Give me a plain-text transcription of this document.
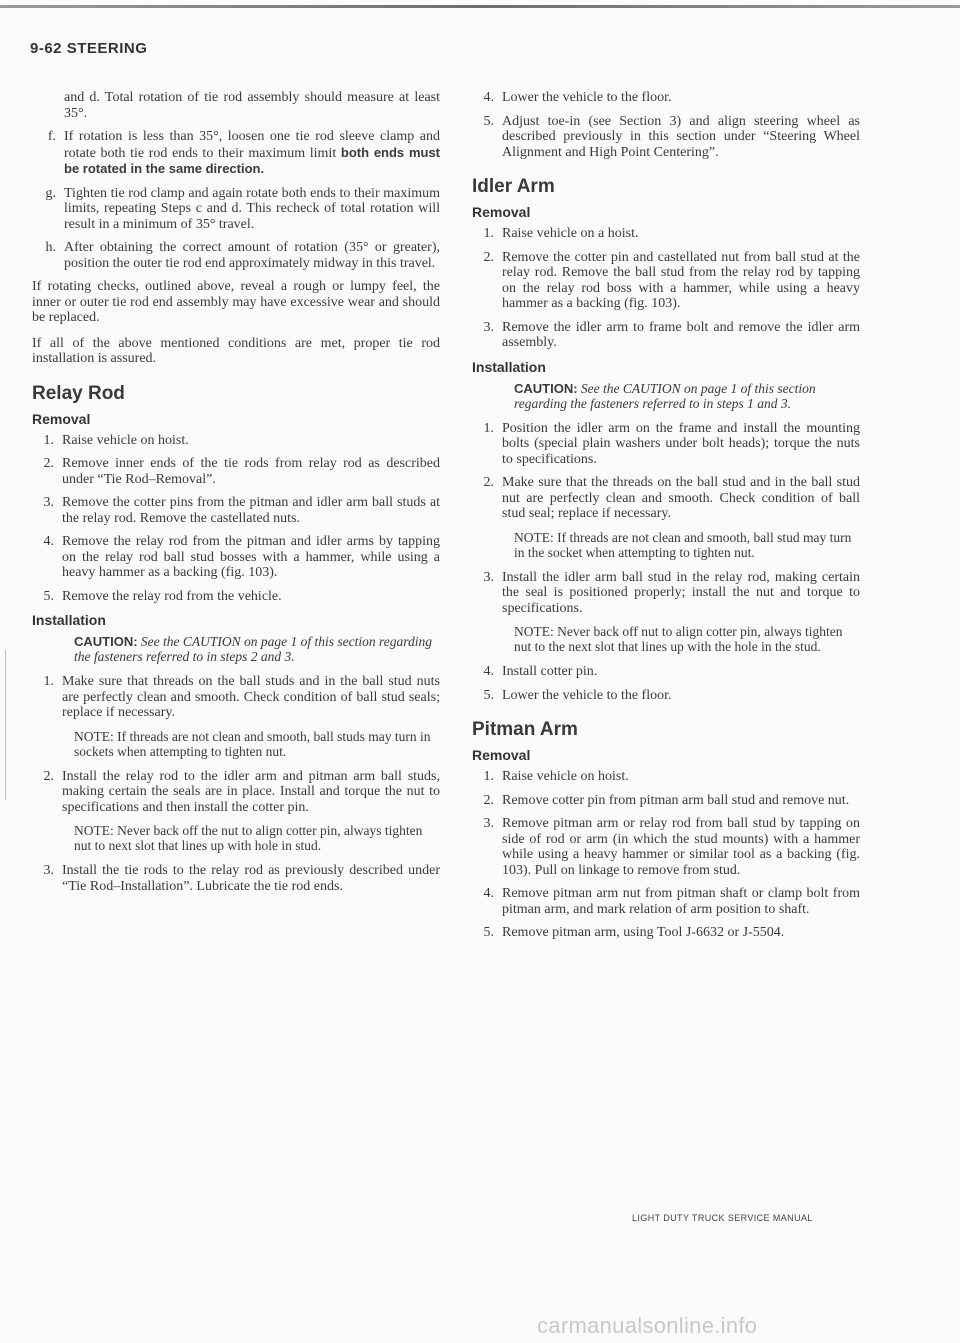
9-62 STEERING
and d. Total rotation of tie rod assembly should measure at least 35°.
f. If rotation is less than 35°, loosen one tie rod sleeve clamp and rotate both tie rod ends to their maximum limit both ends must be rotated in the same direction.
g. Tighten tie rod clamp and again rotate both ends to their maximum limits, repeating Steps c and d. This recheck of total rotation will result in a minimum of 35° travel.
h. After obtaining the correct amount of rotation (35° or greater), position the outer tie rod end approximately midway in this travel.

If rotating checks, outlined above, reveal a rough or lumpy feel, the inner or outer tie rod end assembly may have excessive wear and should be replaced.

If all of the above mentioned conditions are met, proper tie rod installation is assured.

Relay Rod
Removal
1. Raise vehicle on hoist.
2. Remove inner ends of the tie rods from relay rod as described under “Tie Rod–Removal”.
3. Remove the cotter pins from the pitman and idler arm ball studs at the relay rod. Remove the castellated nuts.
4. Remove the relay rod from the pitman and idler arms by tapping on the relay rod ball stud bosses with a hammer, while using a heavy hammer as a backing (fig. 103).
5. Remove the relay rod from the vehicle.
Installation
CAUTION: See the CAUTION on page 1 of this section regarding the fasteners referred to in steps 2 and 3.
1. Make sure that threads on the ball studs and in the ball stud nuts are perfectly clean and smooth. Check condition of ball stud seals; replace if necessary.
NOTE: If threads are not clean and smooth, ball studs may turn in sockets when attempting to tighten nut.
2. Install the relay rod to the idler arm and pitman arm ball studs, making certain the seals are in place. Install and torque the nut to specifications and then install the cotter pin.
NOTE: Never back off the nut to align cotter pin, always tighten nut to next slot that lines up with hole in stud.
3. Install the tie rods to the relay rod as previously described under “Tie Rod–Installation”. Lubricate the tie rod ends.
4. Lower the vehicle to the floor.
5. Adjust toe-in (see Section 3) and align steering wheel as described previously in this section under “Steering Wheel Alignment and High Point Centering”.
Idler Arm
Removal
1. Raise vehicle on a hoist.
2. Remove the cotter pin and castellated nut from ball stud at the relay rod. Remove the ball stud from the relay rod by tapping on the relay rod boss with a hammer, while using a heavy hammer as a backing (fig. 103).
3. Remove the idler arm to frame bolt and remove the idler arm assembly.
Installation
CAUTION: See the CAUTION on page 1 of this section regarding the fasteners referred to in steps 1 and 3.
1. Position the idler arm on the frame and install the mounting bolts (special plain washers under bolt heads); torque the nuts to specifications.
2. Make sure that the threads on the ball stud and in the ball stud nut are perfectly clean and smooth. Check condition of ball stud seal; replace if necessary.
NOTE: If threads are not clean and smooth, ball stud may turn in the socket when attempting to tighten nut.
3. Install the idler arm ball stud in the relay rod, making certain the seal is positioned properly; install the nut and torque to specifications.
NOTE: Never back off nut to align cotter pin, always tighten nut to the next slot that lines up with the hole in the stud.
4. Install cotter pin.
5. Lower the vehicle to the floor.
Pitman Arm
Removal
1. Raise vehicle on hoist.
2. Remove cotter pin from pitman arm ball stud and remove nut.
3. Remove pitman arm or relay rod from ball stud by tapping on side of rod or arm (in which the stud mounts) with a hammer while using a heavy hammer or similar tool as a backing (fig. 103). Pull on linkage to remove from stud.
4. Remove pitman arm nut from pitman shaft or clamp bolt from pitman arm, and mark relation of arm position to shaft.
5. Remove pitman arm, using Tool J-6632 or J-5504.
LIGHT DUTY TRUCK SERVICE MANUAL
carmanualsonline.info
